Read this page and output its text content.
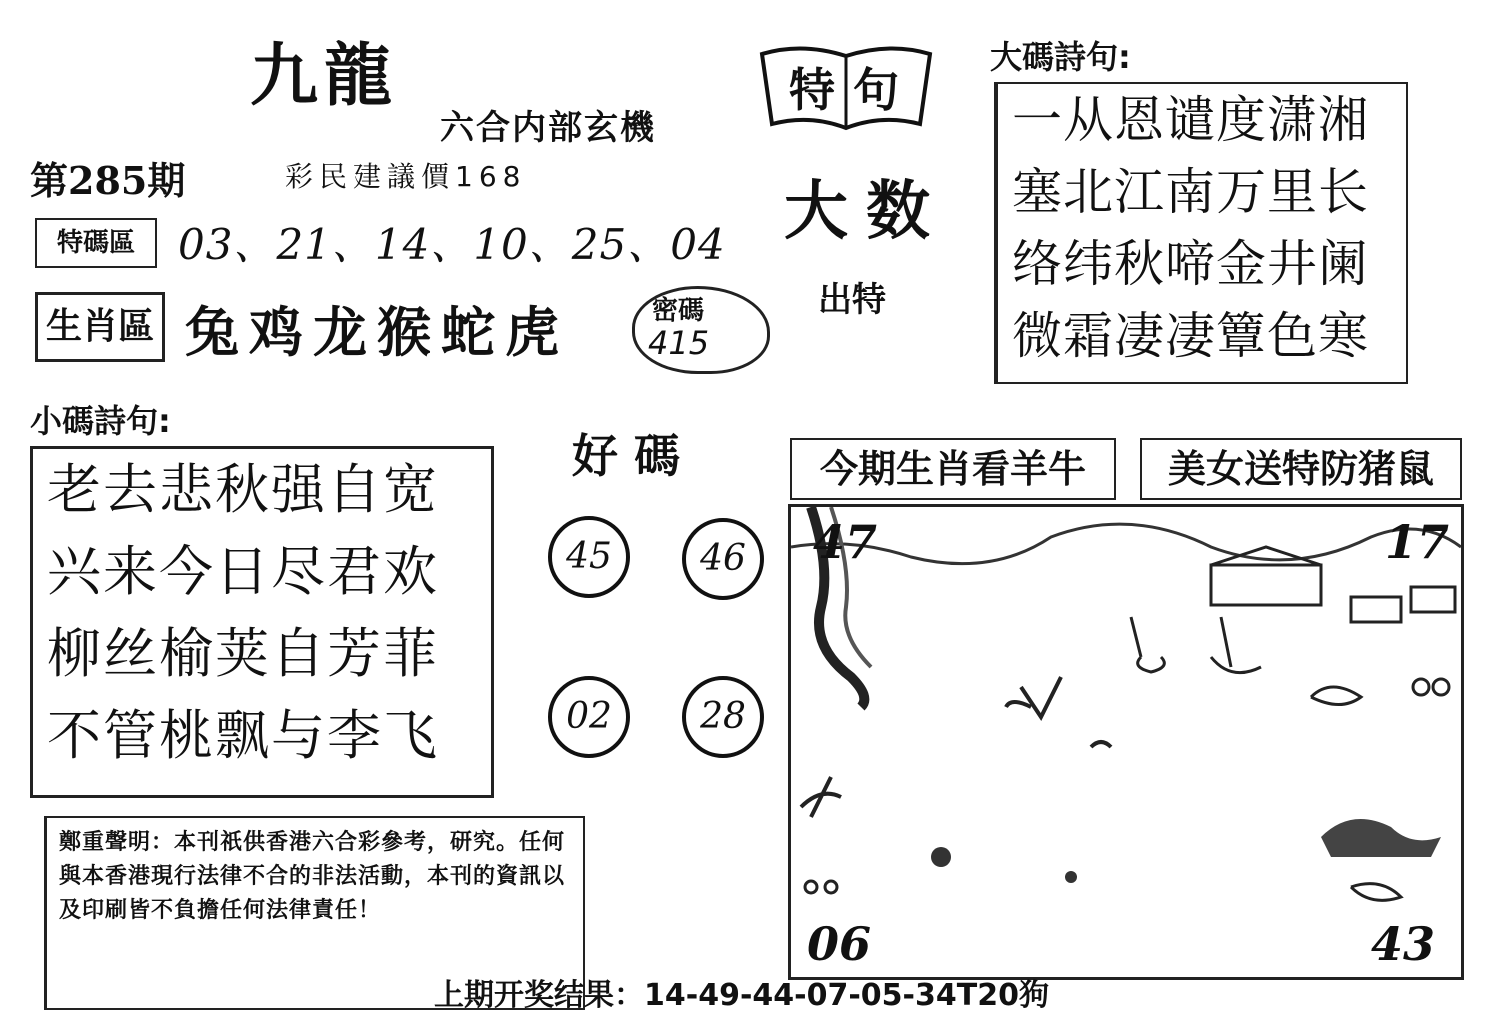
九龍
六合内部玄機
第285期	彩民建議價168
特碼區	03、21、14、10、25、04
生肖區 兔鸡龙猴蛇虎	密碼
415
特句
大数
出特
大碼詩句:
一从恩谴度潇湘
塞北江南万里长
络纬秋啼金井阑
微霜凄凄簟色寒
小碼詩句:
老去悲秋强自宽
兴来今日尽君欢
柳丝榆荚自芳菲
不管桃飘与李飞
好碼
45	46
02	28
今期生肖看羊牛	美女送特防猪鼠
47	17
06	43
鄭重聲明：本刊祇供香港六合彩參考，研究。任何與本香港現行法律不合的非法活動，本刊的資訊以及印刷皆不負擔任何法律責任！
上期开奖结果：14-49-44-07-05-34T20狗
